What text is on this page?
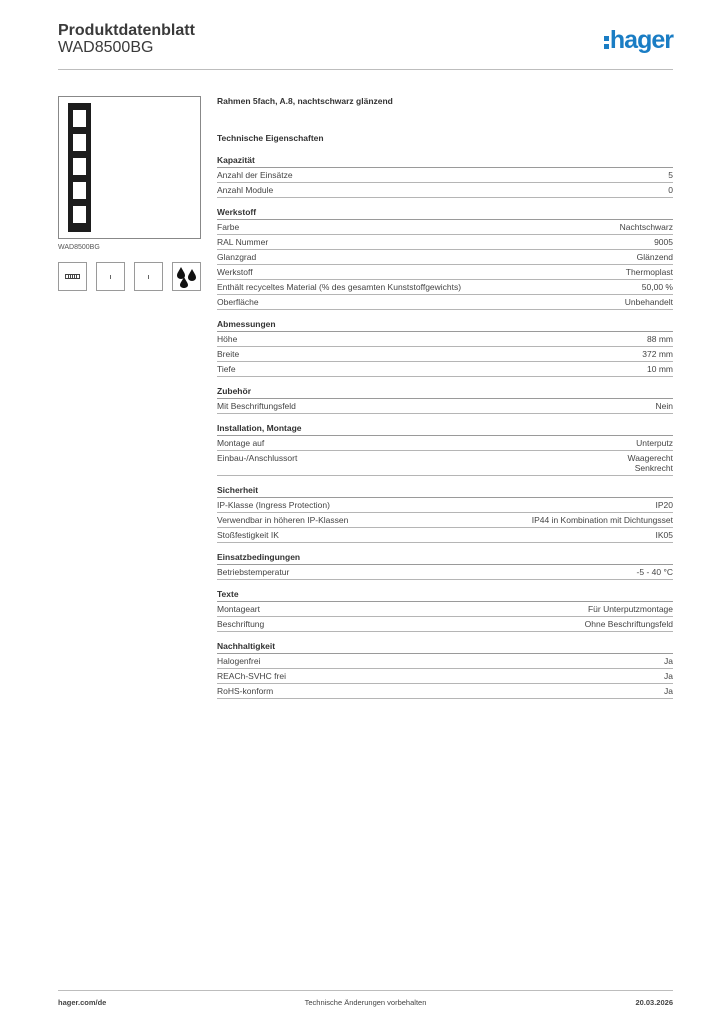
Produktdatenblatt
WAD8500BG	hager
WAD8500BG
Rahmen 5fach, A.8, nachtschwarz glänzend
Technische Eigenschaften
Kapazität
Anzahl der Einsätze	5
Anzahl Module	0
Werkstoff
Farbe	Nachtschwarz
RAL Nummer	9005
Glanzgrad	Glänzend
Werkstoff	Thermoplast
Enthält recyceltes Material (% des gesamten Kunststoffgewichts)	50,00 %
Oberfläche	Unbehandelt
Abmessungen
Höhe	88 mm
Breite	372 mm
Tiefe	10 mm
Zubehör
Mit Beschriftungsfeld	Nein
Installation, Montage
Montage auf	Unterputz
Einbau-/Anschlussort	Waagerecht
Senkrecht
Sicherheit
IP-Klasse (Ingress Protection)	IP20
Verwendbar in höheren IP-Klassen	IP44 in Kombination mit Dichtungsset
Stoßfestigkeit IK	IK05
Einsatzbedingungen
Betriebstemperatur	-5 - 40 °C
Texte
Montageart	Für Unterputzmontage
Beschriftung	Ohne Beschriftungsfeld
Nachhaltigkeit
Halogenfrei	Ja
REACh-SVHC frei	Ja
RoHS-konform	Ja
hager.com/de	Technische Änderungen vorbehalten	20.03.2026
